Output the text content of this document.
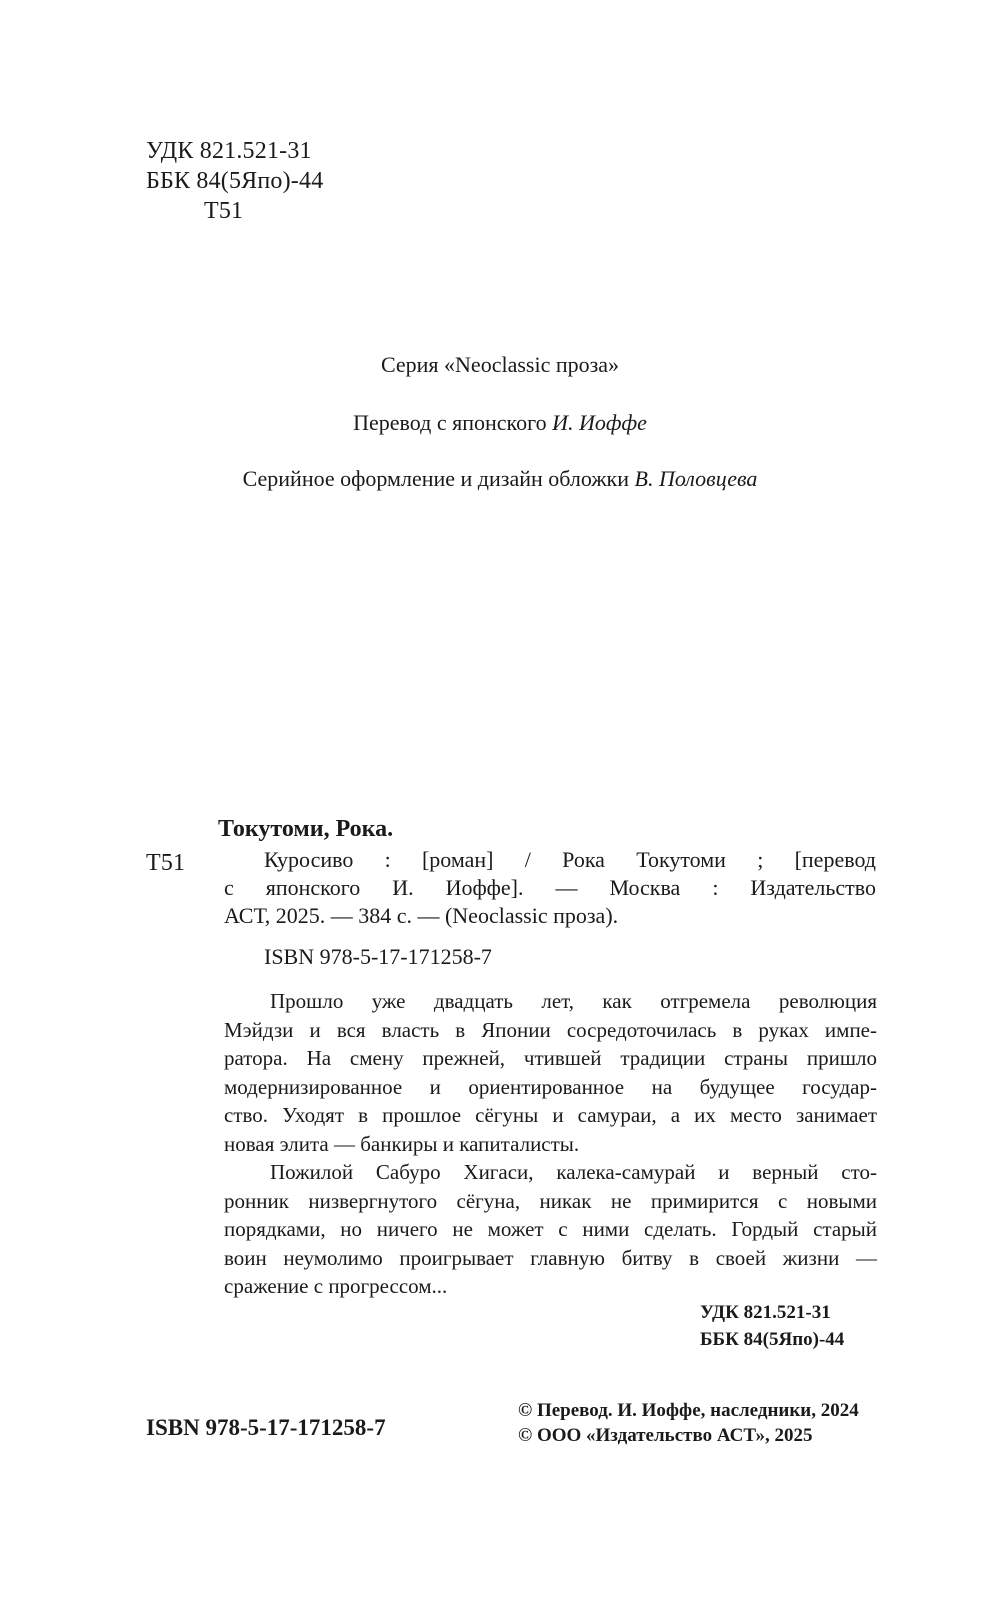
УДК 821.521-31
ББК 84(5Япо)-44
Т51
Серия «Neoclassic проза»
Перевод с японского И. Иоффе
Серийное оформление и дизайн обложки В. Половцева
Токутоми, Рока.
Т51	Куросиво : [роман] / Рока Токутоми ; [перевод
с японского И. Иоффе]. — Москва : Издательство
АСТ, 2025. — 384 с. — (Neoclassic проза).
ISBN 978-5-17-171258-7
Прошло уже двадцать лет, как отгремела революция
Мэйдзи и вся власть в Японии сосредоточилась в руках импе-
ратора. На смену прежней, чтившей традиции страны пришло
модернизированное и ориентированное на будущее государ-
ство. Уходят в прошлое сёгуны и самураи, а их место занимает
новая элита — банкиры и капиталисты.
Пожилой Сабуро Хигаси, калека-самурай и верный сто-
ронник низвергнутого сёгуна, никак не примирится с новыми
порядками, но ничего не может с ними сделать. Гордый старый
воин неумолимо проигрывает главную битву в своей жизни —
сражение с прогрессом...
УДК 821.521-31
ББК 84(5Япо)-44
ISBN 978-5-17-171258-7
© Перевод. И. Иоффе, наследники, 2024
© ООО «Издательство АСТ», 2025
